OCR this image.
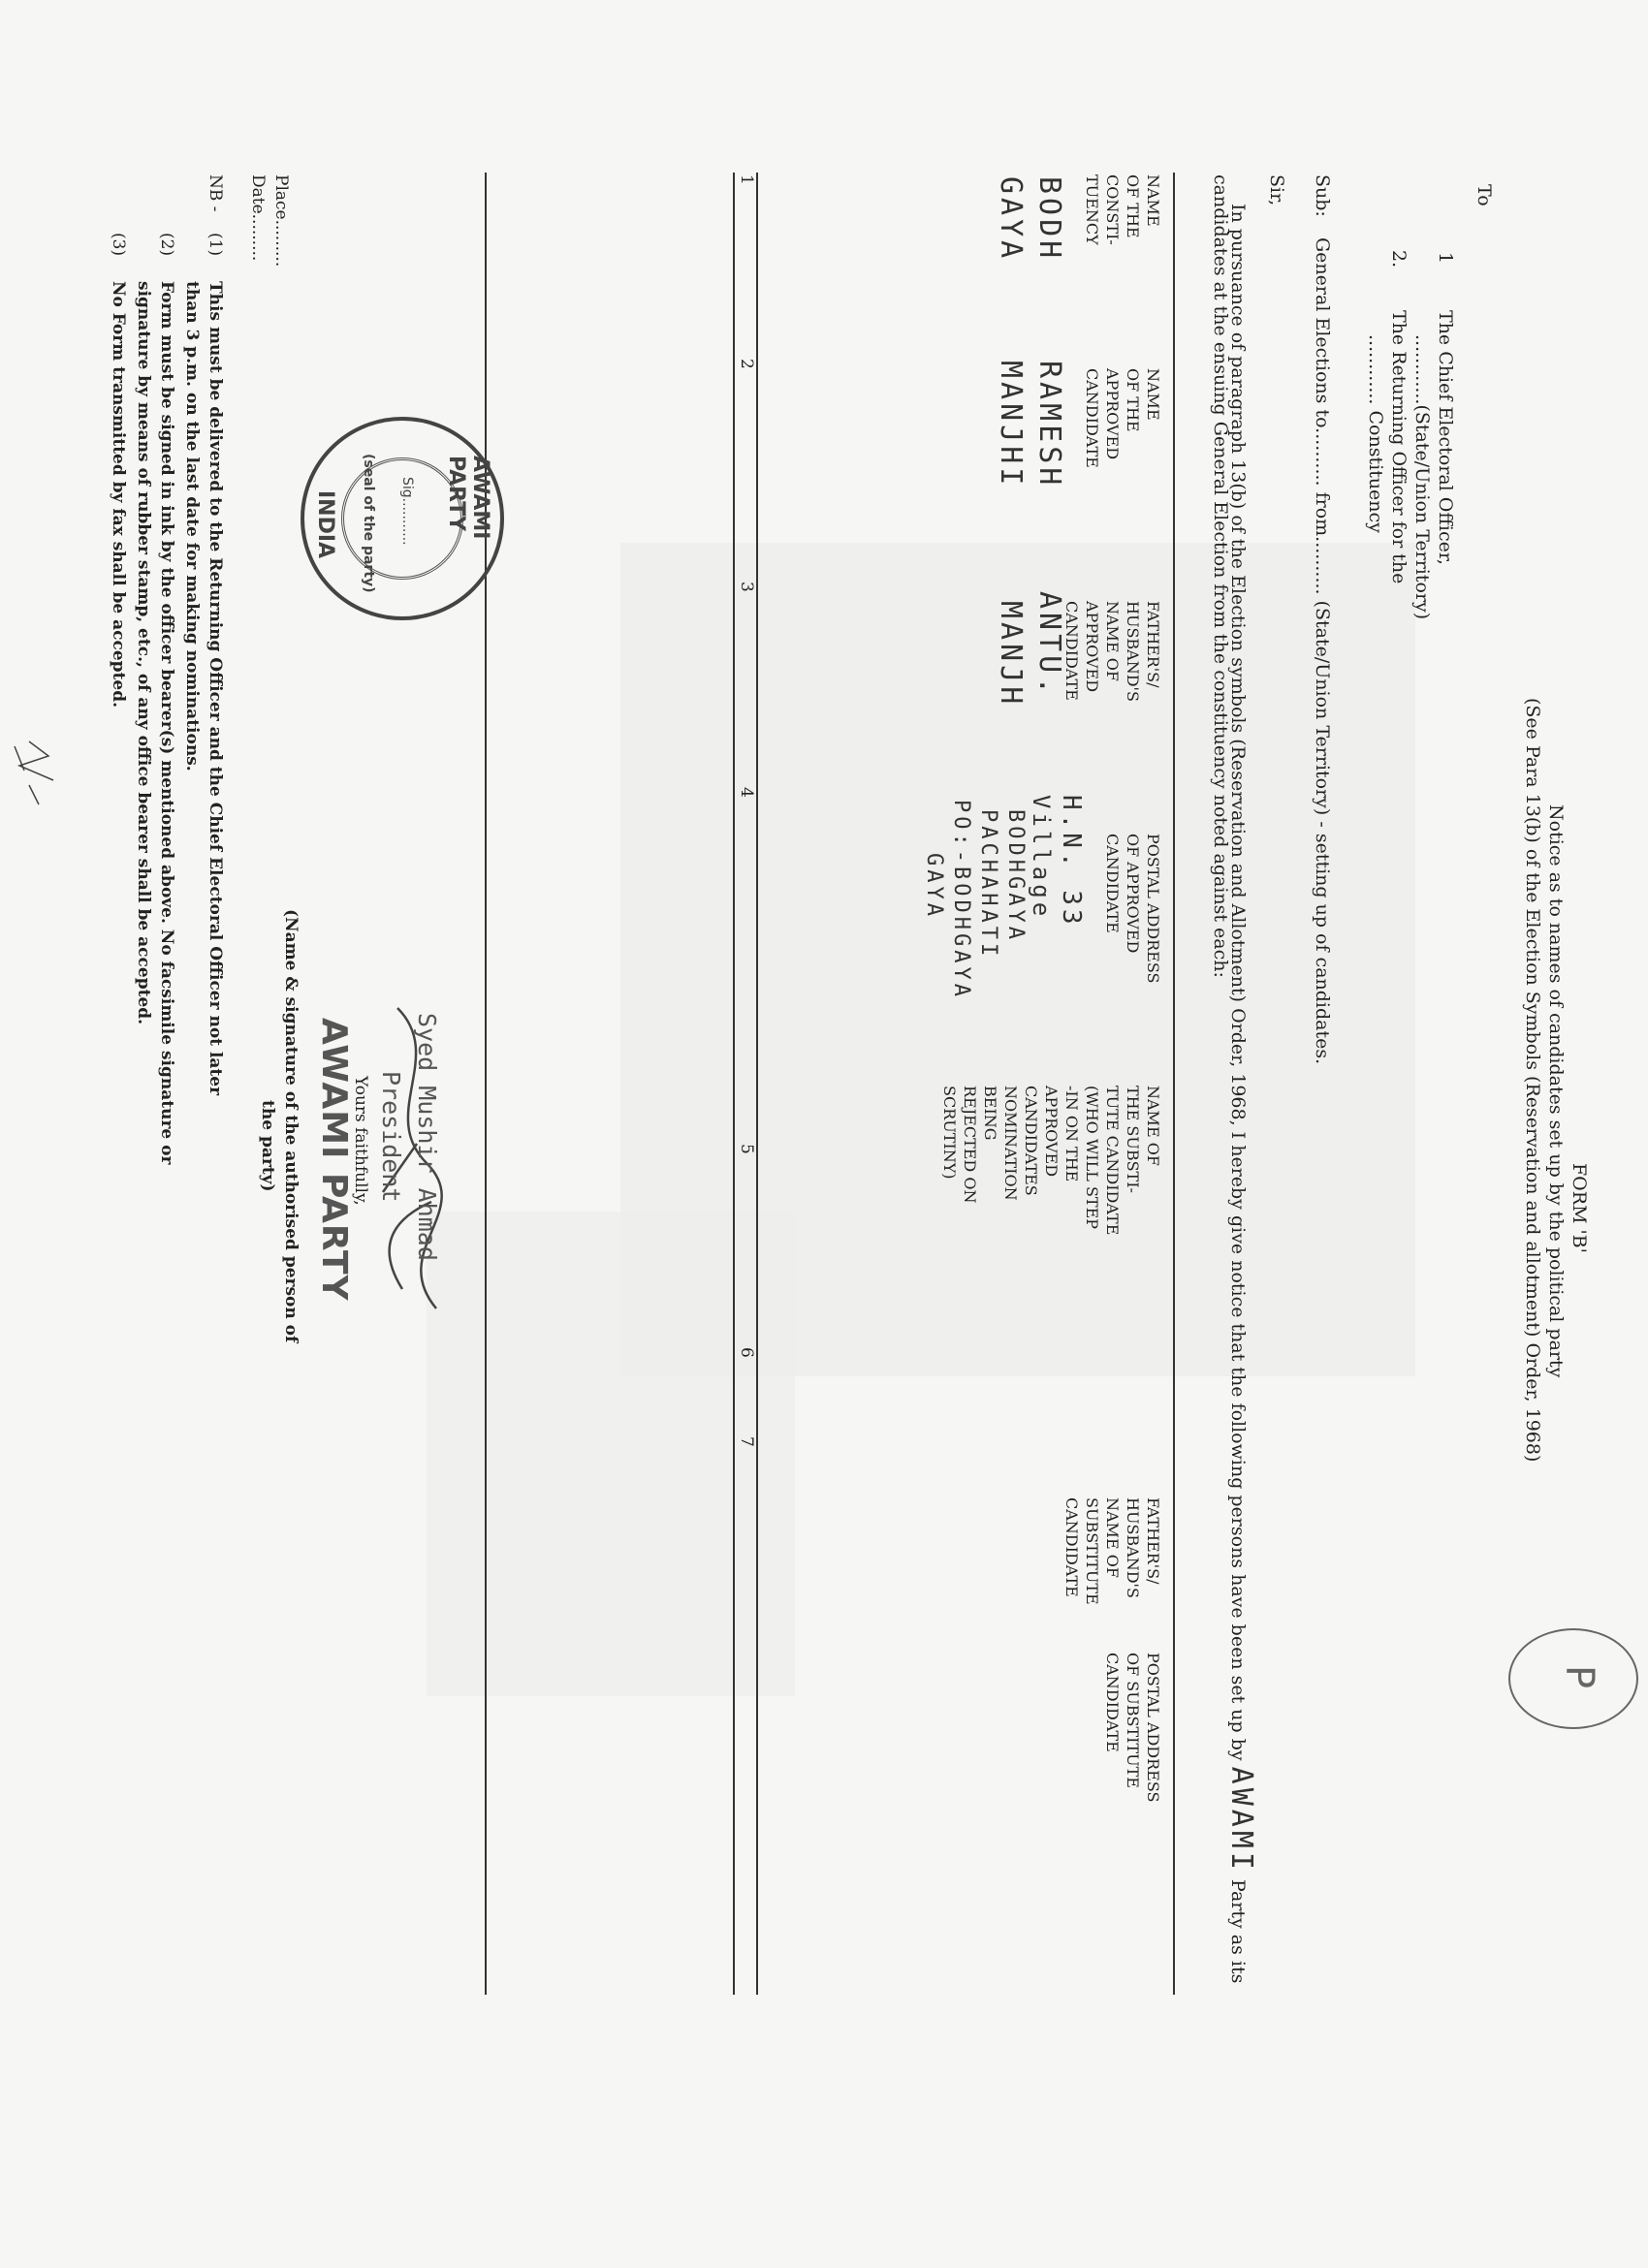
FORM 'B'
Notice as to names of candidates set up by the political party
(See Para 13(b) of the Election Symbols (Reservation and allotment) Order, 1968)
P
To
1
The Chief Electoral Officer,
............(State/Union Territory)
2.
The Returning Officer for the
............ Constituency
Sub:
General Elections to.......... from.......... (State/Union Territory) - setting up of candidates.
Sir,
In pursuance of paragraph 13(b) of the Election symbols (Reservation and Allotment) Order, 1968, I hereby give notice that the following persons have been set up by AWAMI Party as its
candidates at the ensuing General Election from the constituency noted against each:
NAME
OF THE
CONSTI-
TUENCY
NAME
OF THE
APPROVED
CANDIDATE
FATHER'S/
HUSBAND'S
NAME OF
APPROVED
CANDIDATE
POSTAL ADDRESS
OF APPROVED
CANDIDATE
NAME OF
THE SUBSTI-
TUTE CANDIDATE
(WHO WILL STEP
-IN ON THE
APPROVED
CANDIDATES
NOMINATION
BEING
REJECTED ON
SCRUTINY)
FATHER'S/
HUSBAND'S
NAME OF
SUBSTITUTE
CANDIDATE
POSTAL ADDRESS
OF SUBSTITUTE
CANDIDATE
BODH
GAYA
RAMESH
MANJHI
ANTU.
MANJH
H.N. 33
Village
BODHGAYA
PACHAHATI
PO:-BODHGAYA
GAYA
1
2
3
4
5
6
7
Syed Mushir Ahmad
President
Yours faithfully,
AWAMI PARTY
(Name & signature of the authorised person of
the party)
Place.........
Date.........
AWAMI PARTY
INDIA	Sig...........
(seal of the party)
NB -
(1)
This must be delivered to the Returning Officer and the Chief Electoral Officer not later
than 3 p.m. on the last date for making nominations.
(2)
Form must be signed in ink by the officer bearer(s) mentioned above. No facsimile signature or
signature by means of rubber stamp, etc., of any office bearer shall be accepted.
(3)
No Form transmitted by fax shall be accepted.
